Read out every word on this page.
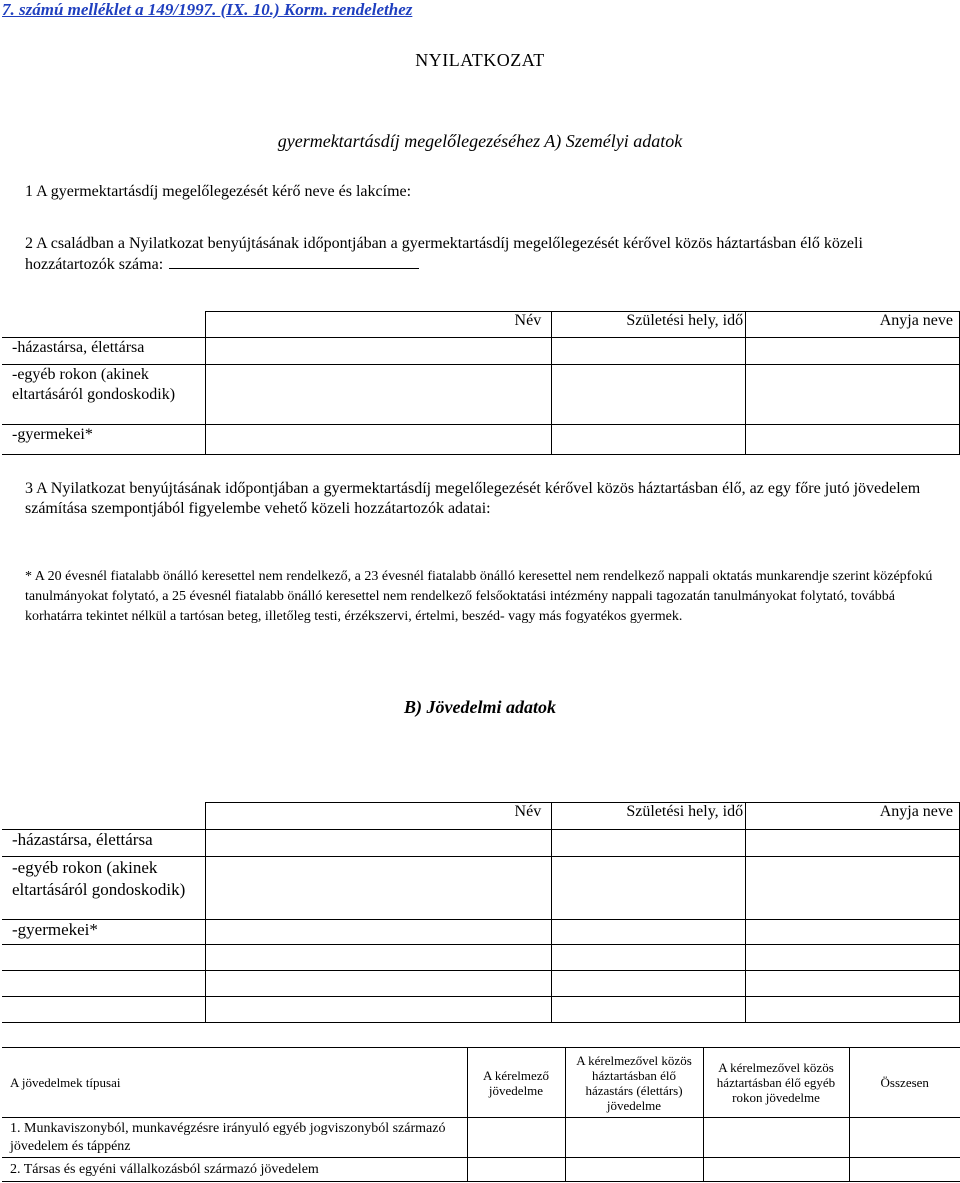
7. számú melléklet a 149/1997. (IX. 10.) Korm. rendelethez
NYILATKOZAT
gyermektartásdíj megelőlegezéséhez A) Személyi adatok
1 A gyermektartásdíj megelőlegezését kérő neve és lakcíme:
2 A családban a Nyilatkozat benyújtásának időpontjában a gyermektartásdíj megelőlegezését kérővel közös háztartásban élő közeli hozzátartozók száma:
	Név	Születési hely, idő	Anyja neve
-házastársa, élettársa			
-egyéb rokon (akinek eltartásáról gondoskodik)			
-gyermekei*			
3 A Nyilatkozat benyújtásának időpontjában a gyermektartásdíj megelőlegezését kérővel közös háztartásban élő, az egy főre jutó jövedelem számítása szempontjából figyelembe vehető közeli hozzátartozók adatai:
* A 20 évesnél fiatalabb önálló keresettel nem rendelkező, a 23 évesnél fiatalabb önálló keresettel nem rendelkező nappali oktatás munkarendje szerint középfokú tanulmányokat folytató, a 25 évesnél fiatalabb önálló keresettel nem rendelkező felsőoktatási intézmény nappali tagozatán tanulmányokat folytató, továbbá korhatárra tekintet nélkül a tartósan beteg, illetőleg testi, érzékszervi, értelmi, beszéd- vagy más fogyatékos gyermek.
B) Jövedelmi adatok
	Név	Születési hely, idő	Anyja neve
-házastársa, élettársa			
-egyéb rokon (akinek eltartásáról gondoskodik)			
-gyermekei*			

A jövedelmek típusai	A kérelmező jövedelme	A kérelmezővel közös háztartásban élő házastárs (élettárs) jövedelme	A kérelmezővel közös háztartásban élő egyéb rokon jövedelme	Összesen
1. Munkaviszonyból, munkavégzésre irányuló egyéb jogviszonyból származó jövedelem és táppénz				
2. Társas és egyéni vállalkozásból származó jövedelem				
